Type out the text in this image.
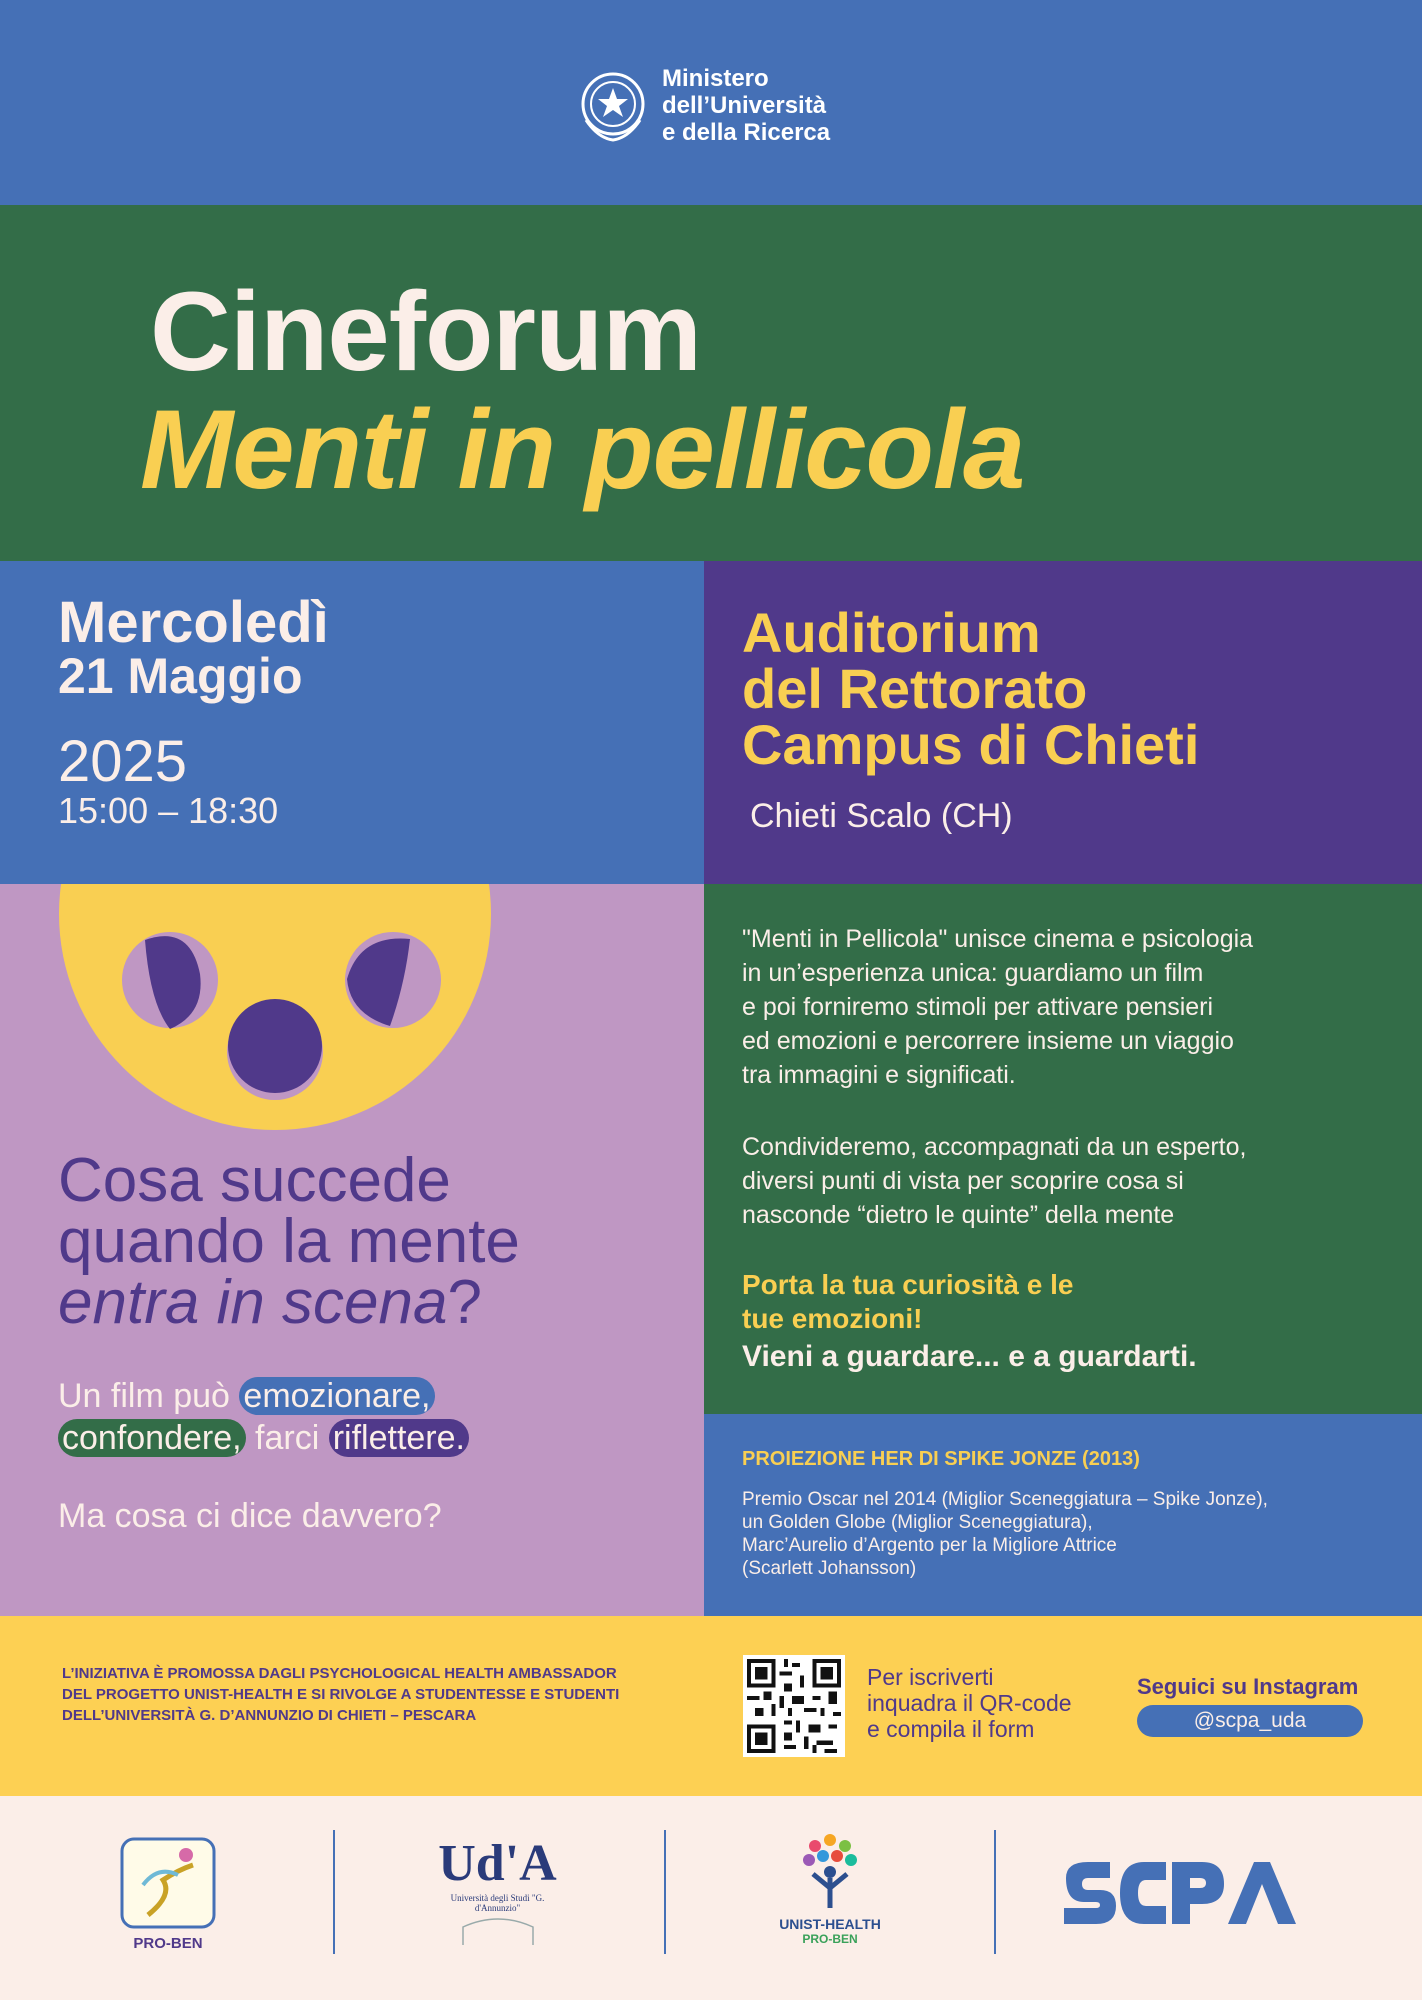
Ministero
dell’Università
e della Ricerca
Cineforum
Menti in pellicola
Mercoledì
21 Maggio
2025
15:00 – 18:30
Auditorium
del Rettorato
Campus di Chieti
Chieti Scalo (CH)
Cosa succede
quando la mente
entra in scena?
Un film può emozionare,
confondere, farci riflettere.
Ma cosa ci dice davvero?
"Menti in Pellicola" unisce cinema e psicologia
in un’esperienza unica: guardiamo un film
e poi forniremo stimoli per attivare pensieri
ed emozioni e percorrere insieme un viaggio
tra immagini e significati.
Condivideremo, accompagnati da un esperto,
diversi punti di vista per scoprire cosa si
nasconde “dietro le quinte” della mente
Porta la tua curiosità e le
tue emozioni!
Vieni a guardare... e a guardarti.
PROIEZIONE HER DI SPIKE JONZE (2013)
Premio Oscar nel 2014 (Miglior Sceneggiatura – Spike Jonze),
un Golden Globe (Miglior Sceneggiatura),
Marc’Aurelio d’Argento per la Migliore Attrice
(Scarlett Johansson)
L’INIZIATIVA È PROMOSSA DAGLI PSYCHOLOGICAL HEALTH AMBASSADOR DEL PROGETTO UNIST-HEALTH E SI RIVOLGE A STUDENTESSE E STUDENTI DELL’UNIVERSITÀ G. D’ANNUNZIO DI CHIETI – PESCARA
Per iscriverti
inquadra il QR-code
e compila il form
Seguici su Instagram
@scpa_uda
PRO-BEN
Ud'A
Università degli Studi "G. d'Annunzio"
UNIST-HEALTH
PRO-BEN
